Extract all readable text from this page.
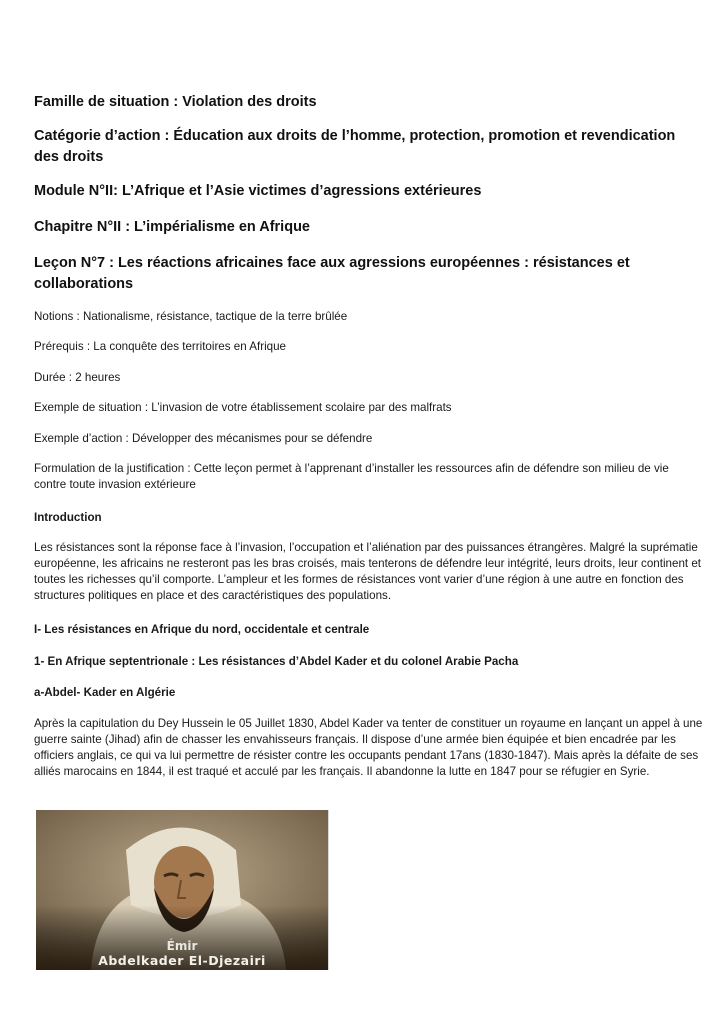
Famille de situation : Violation des droits
Catégorie d’action : Éducation aux droits de l’homme, protection, promotion et revendication des droits
Module N°II: L’Afrique et l’Asie victimes d’agressions extérieures
Chapitre N°II : L’impérialisme en Afrique
Leçon N°7 : Les réactions africaines face aux agressions européennes : résistances et collaborations
Notions : Nationalisme, résistance, tactique de la terre brûlée
Prérequis : La conquête des territoires en Afrique
Durée : 2 heures
Exemple de situation : L’invasion de votre établissement scolaire par des malfrats
Exemple d’action : Développer des mécanismes pour se défendre
Formulation de la justification : Cette leçon permet à l’apprenant d’installer les ressources afin de défendre son milieu de vie contre toute invasion extérieure
Introduction
Les résistances sont la réponse face à l’invasion, l’occupation et l’aliénation par des puissances étrangères. Malgré la suprématie européenne, les africains ne resteront pas les bras croisés, mais tenterons de défendre leur intégrité, leurs droits, leur continent et toutes les richesses qu’il comporte. L’ampleur et les formes de résistances vont varier d’une région à une autre en fonction des structures politiques en place et des caractéristiques des populations.
I- Les résistances en Afrique du nord, occidentale et centrale
1- En Afrique septentrionale : Les résistances d’Abdel Kader et du colonel Arabie Pacha
a-Abdel- Kader en Algérie
Après la capitulation du Dey Hussein le 05 Juillet 1830, Abdel Kader va tenter de constituer un royaume en lançant un appel à une guerre sainte (Jihad) afin de chasser les envahisseurs français. Il dispose d’une armée bien équipée et bien encadrée par les officiers anglais, ce qui va lui permettre de résister contre les occupants pendant 17ans (1830-1847). Mais après la défaite de ses alliés marocains en 1844, il est traqué et acculé par les français. Il abandonne la lutte en 1847 pour se réfugier en Syrie.
Émir
Abdelkader El-Djezairi
